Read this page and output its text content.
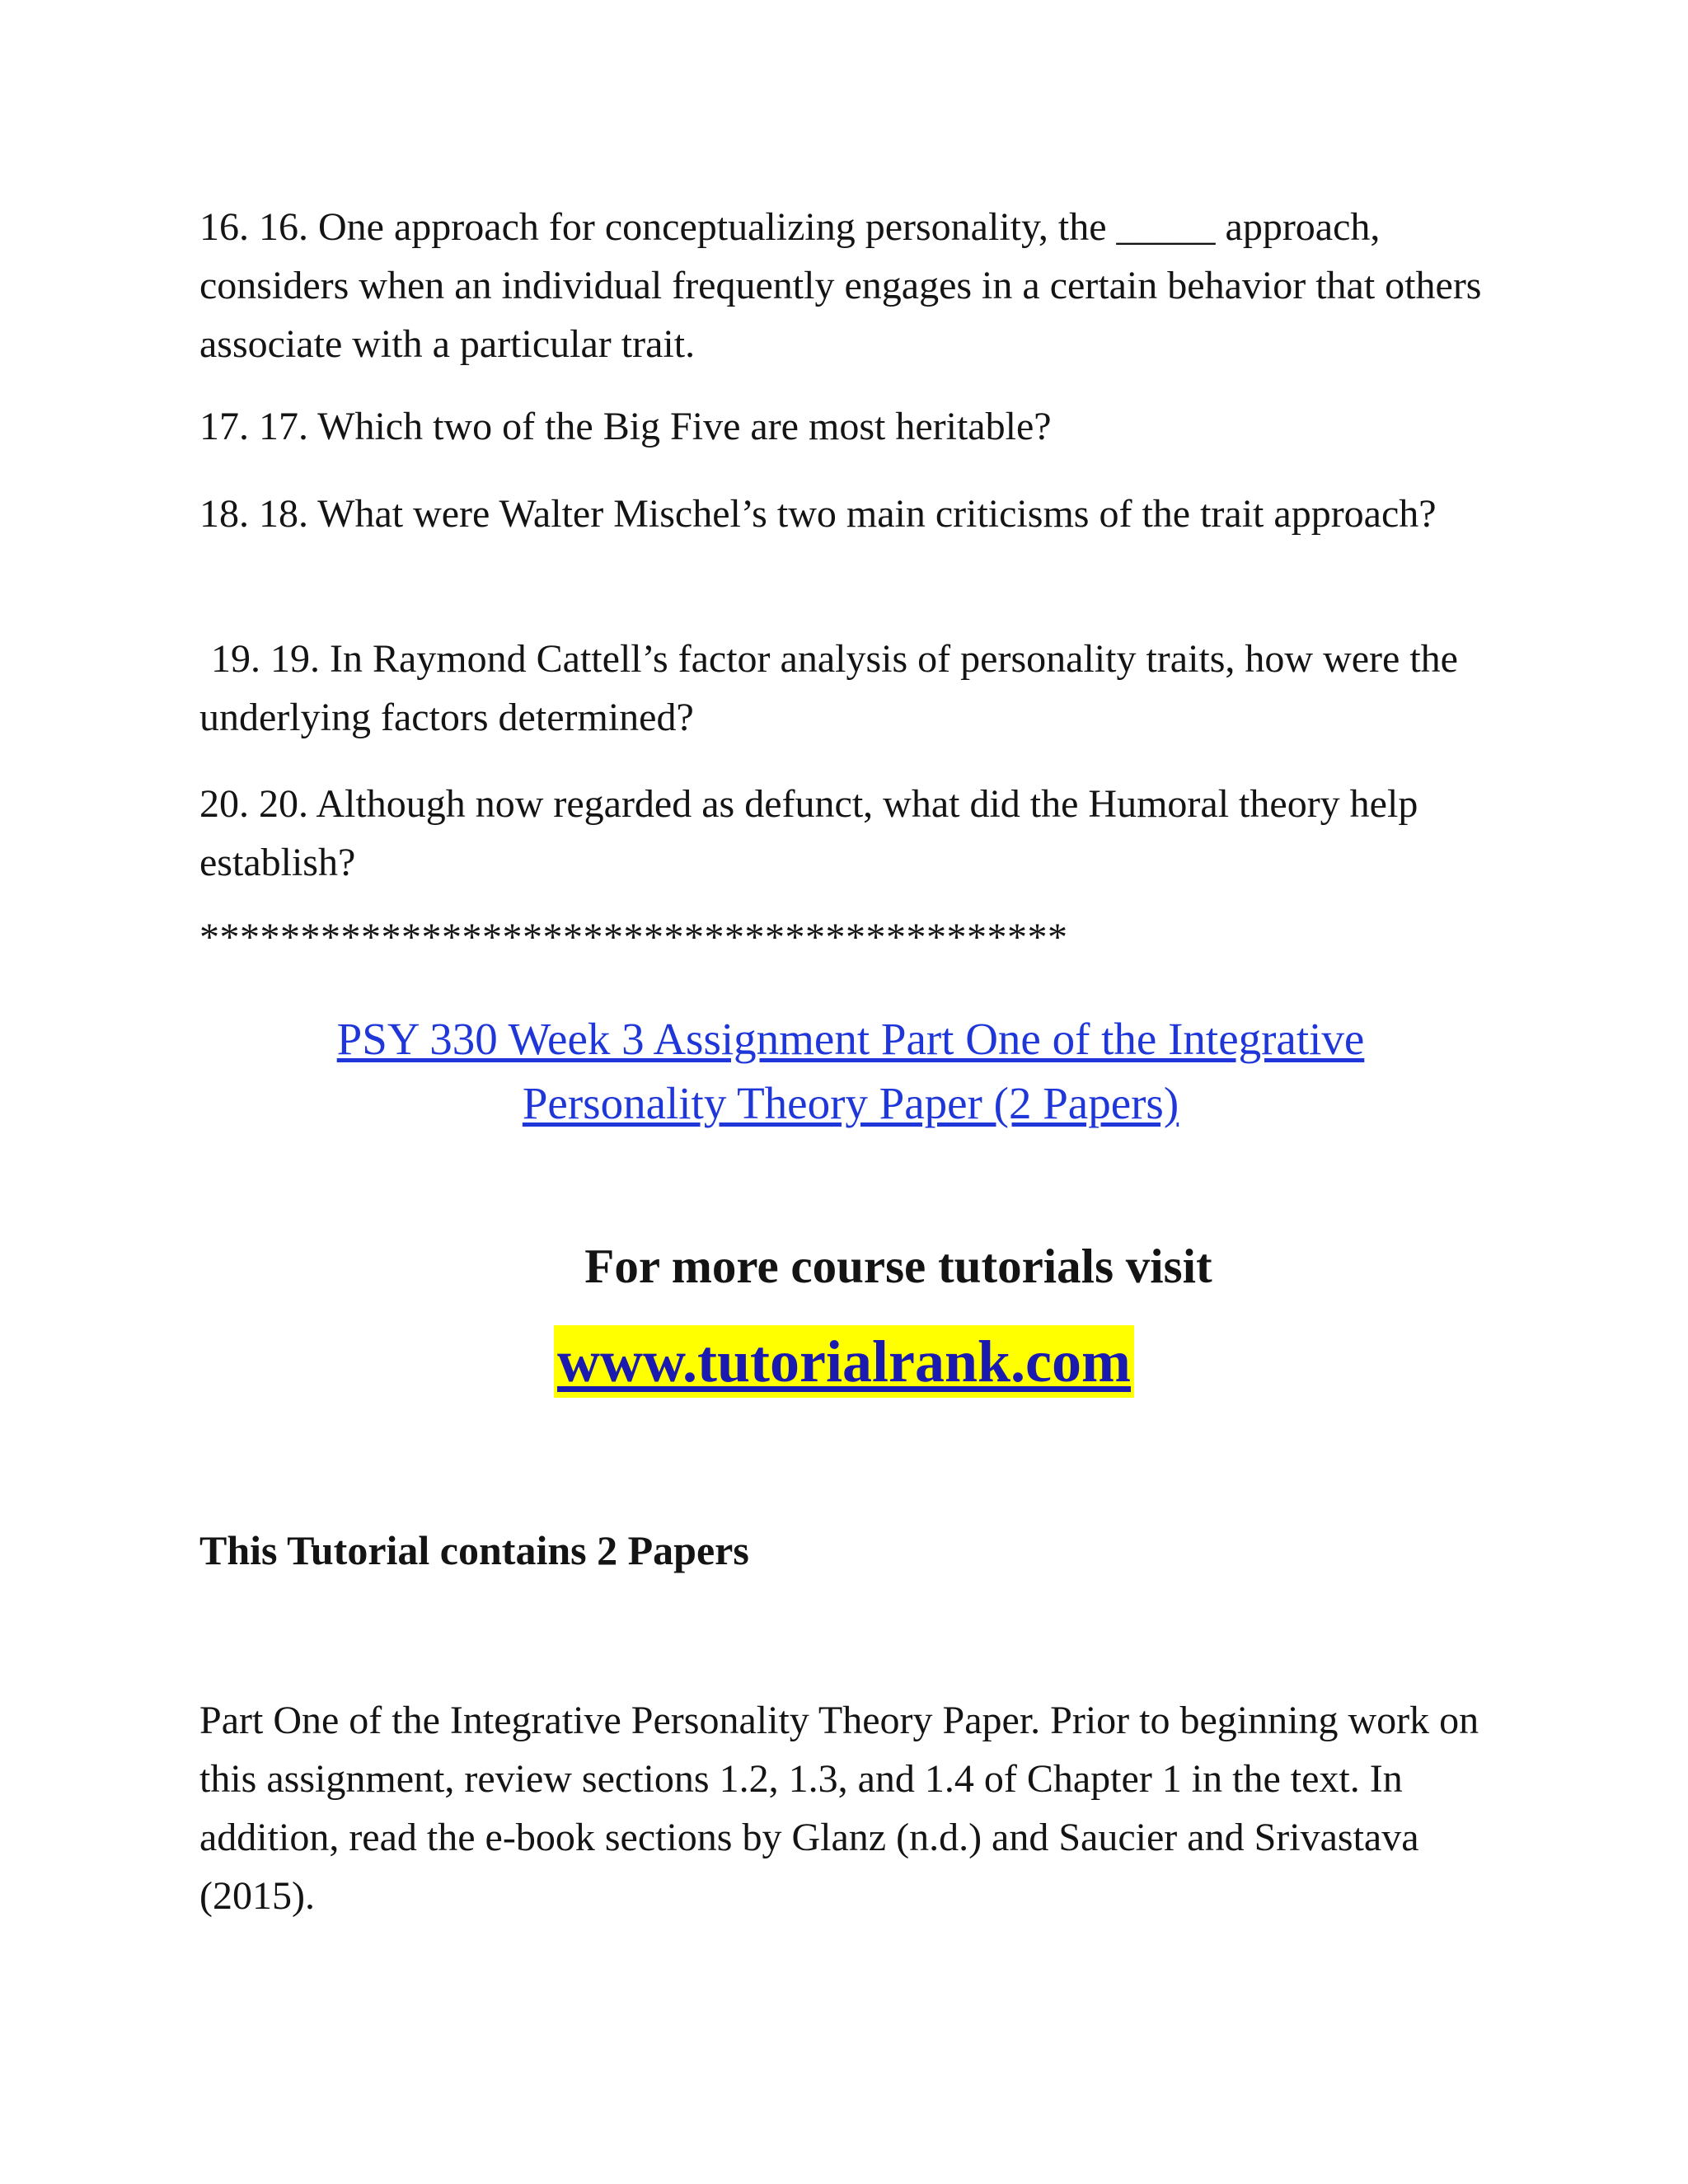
16. 16. One approach for conceptualizing personality, the _____ approach, considers when an individual frequently engages in a certain behavior that others associate with a particular trait.

17. 17. Which two of the Big Five are most heritable?

18. 18. What were Walter Mischel’s two main criticisms of the trait approach?

19. 19. In Raymond Cattell’s factor analysis of personality traits, how were the underlying factors determined?

20. 20. Although now regarded as defunct, what did the Humoral theory help establish?

*******************************************

PSY 330 Week 3 Assignment Part One of the Integrative
Personality Theory Paper (2 Papers)

For more course tutorials visit

www.tutorialrank.com

This Tutorial contains 2 Papers

Part One of the Integrative Personality Theory Paper. Prior to beginning work on this assignment, review sections 1.2, 1.3, and 1.4 of Chapter 1 in the text. In addition, read the e-book sections by Glanz (n.d.) and Saucier and Srivastava (2015).
